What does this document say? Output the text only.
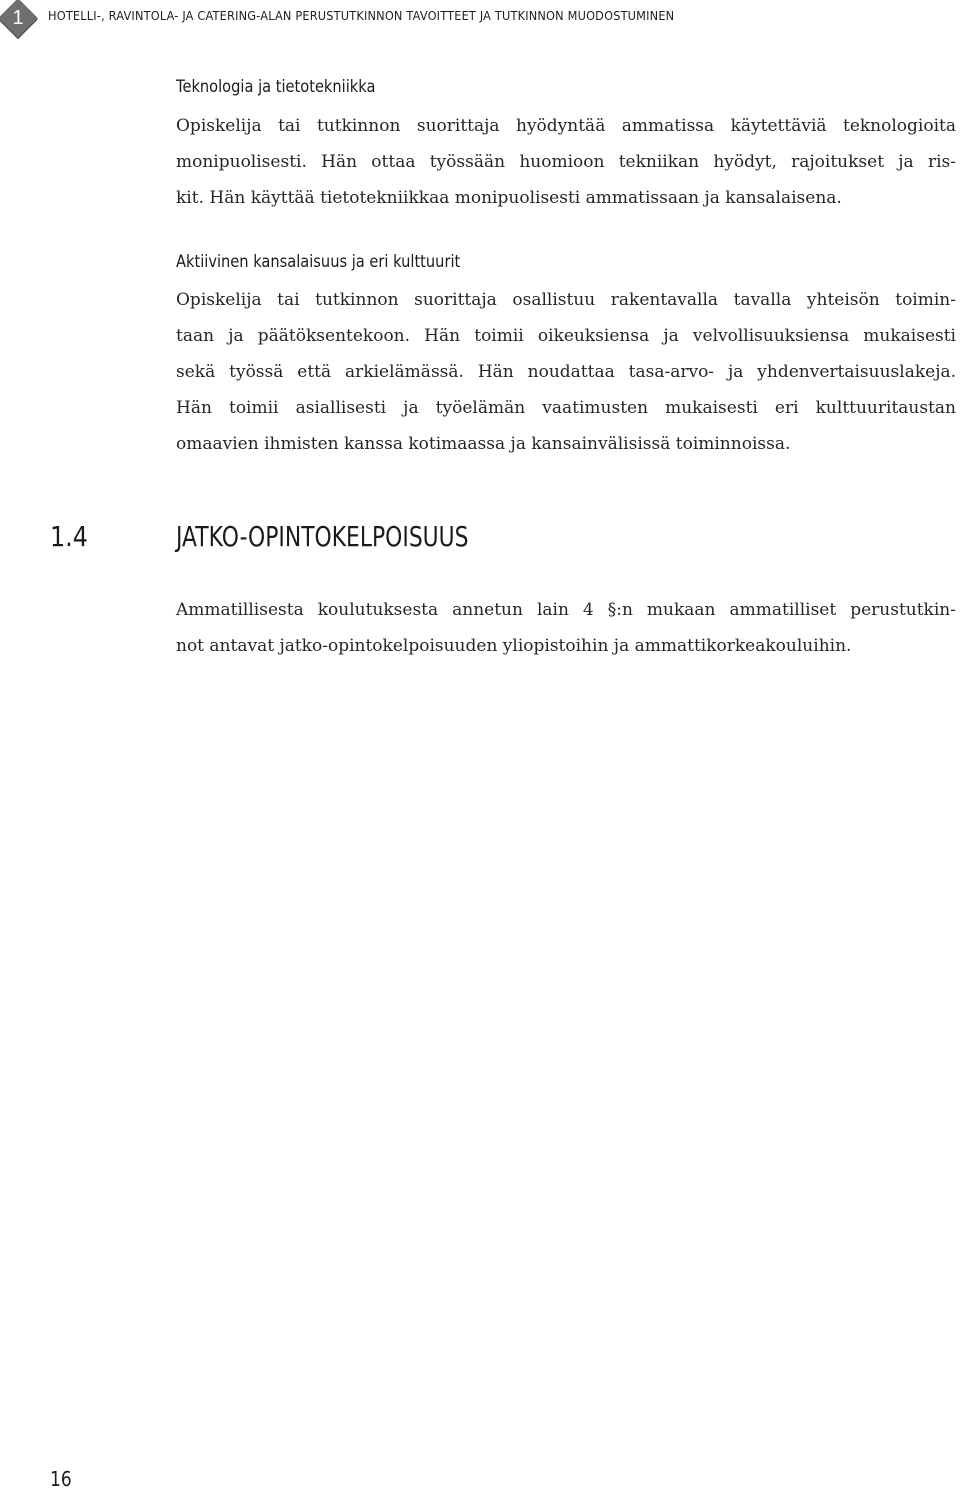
1	HOTELLI-, RAVINTOLA- JA CATERING-ALAN PERUSTUTKINNON TAVOITTEET JA TUTKINNON MUODOSTUMINEN
Teknologia ja tietotekniikka

Opiskelija tai tutkinnon suorittaja hyödyntää ammatissa käytettäviä teknologioita
monipuolisesti. Hän ottaa työssään huomioon tekniikan hyödyt, rajoitukset ja ris-
kit. Hän käyttää tietotekniikkaa monipuolisesti ammatissaan ja kansalaisena.

Aktiivinen kansalaisuus ja eri kulttuurit

Opiskelija tai tutkinnon suorittaja osallistuu rakentavalla tavalla yhteisön toimin-
taan ja päätöksentekoon. Hän toimii oikeuksiensa ja velvollisuuksiensa mukaisesti
sekä työssä että arkielämässä. Hän noudattaa tasa-arvo- ja yhdenvertaisuuslakeja.
Hän toimii asiallisesti ja työelämän vaatimusten mukaisesti eri kulttuuritaustan
omaavien ihmisten kanssa kotimaassa ja kansainvälisissä toiminnoissa.

1.4	JATKO-OPINTOKELPOISUUS

Ammatillisesta koulutuksesta annetun lain 4 §:n mukaan ammatilliset perustutkin-
not antavat jatko-opintokelpoisuuden yliopistoihin ja ammattikorkeakouluihin.

16
